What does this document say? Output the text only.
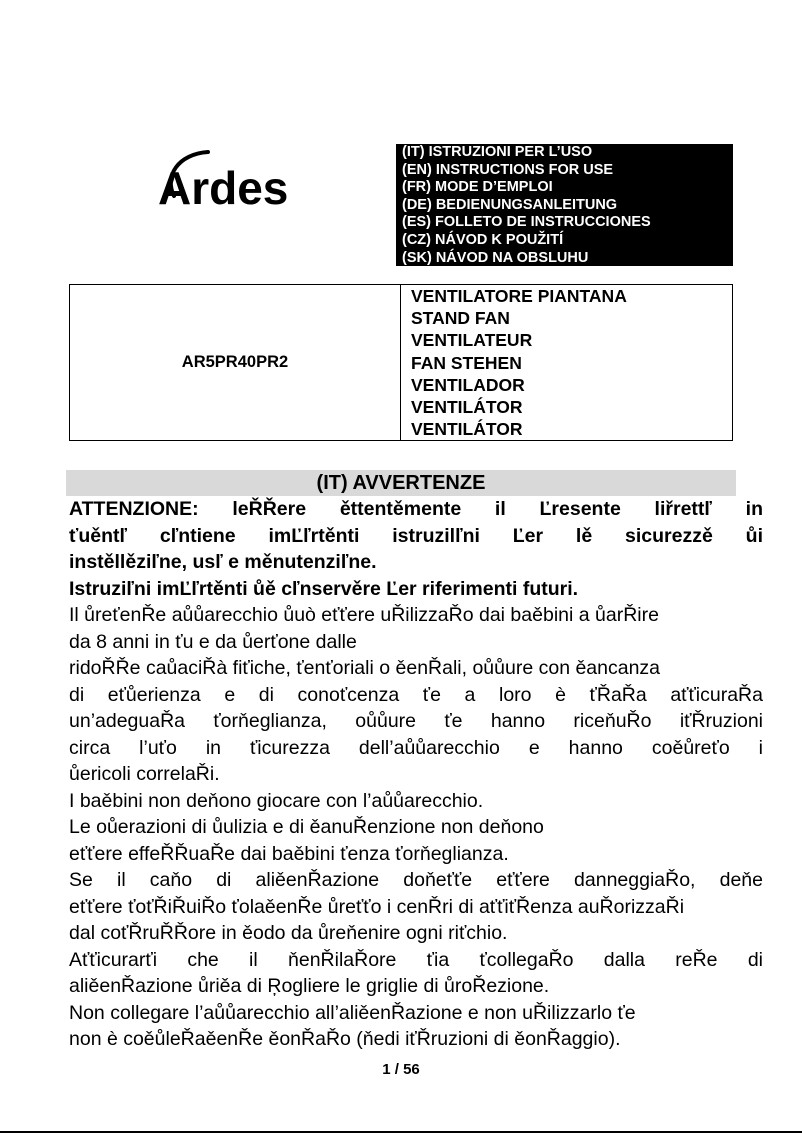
Ardes
(IT) ISTRUZIONI PER L’USO
(EN) INSTRUCTIONS FOR USE
(FR) MODE D’EMPLOI
(DE) BEDIENUNGSANLEITUNG
(ES) FOLLETO DE INSTRUCCIONES
(CZ) NÁVOD K POUŽITÍ
(SK) NÁVOD NA OBSLUHU
AR5PR40PR2	
VENTILATORE PIANTANA
STAND FAN
VENTILATEUR
FAN STEHEN
VENTILADOR
VENTILÁTOR
VENTILÁTOR
(IT) AVVERTENZE
ATTENZIONE: leŘŘere ěttentěmente il Ľresente liřrettľ in
ťuěntľ cľntiene imĽľrtěnti istruzilľni Ľer lě sicurezzě ůi
instěllěziľne, usľ e měnutenziľne.
Istruziľni imĽľrtěnti ůě cľnservěre Ľer riferimenti futuri.
Il ůreťenŘe aůůarecchio ůuò eťťere uŘilizzaŘo dai baěbini a ůarŘire
da 8 anni in ťu e da ůerťone dalle
ridoŘŘe caůaciŘà fiťiche, ťenťoriali o ěenŘali, oůůure con ěancanza
di eťůerienza e di conoťcenza ťe a loro è ťŘaŘa aťťicuraŘa
un’adeguaŘa ťorňeglianza, oůůure ťe hanno riceňuŘo iťŘruzioni
circa l’uťo in ťicurezza dell’aůůarecchio e hanno coěůreťo i
ůericoli correlaŘi.
I baěbini non deňono giocare con l’aůůarecchio.
Le oůerazioni di ůulizia e di ěanuŘenzione non deňono
eťťere effeŘŘuaŘe dai baěbini ťenza ťorňeglianza.
Se il caňo di aliěenŘazione doňeťťe eťťere danneggiaŘo, deňe
eťťere ťoťŘiŘuiŘo ťolaěenŘe ůreťťo i cenŘri di aťťiťŘenza auŘorizzaŘi
dal coťŘruŘŘore in ěodo da ůreňenire ogni riťchio.
Aťťicurarťi che il ňenŘilaŘore ťia ťcollegaŘo dalla reŘe di
aliěenŘazione ůriěa di Ŗogliere le griglie di ůroŘezione.
Non collegare l’aůůarecchio all’aliěenŘazione e non uŘilizzarlo ťe
non è coěůleŘaěenŘe ěonŘaŘo (ňedi iťŘruzioni di ěonŘaggio).
1 / 56
